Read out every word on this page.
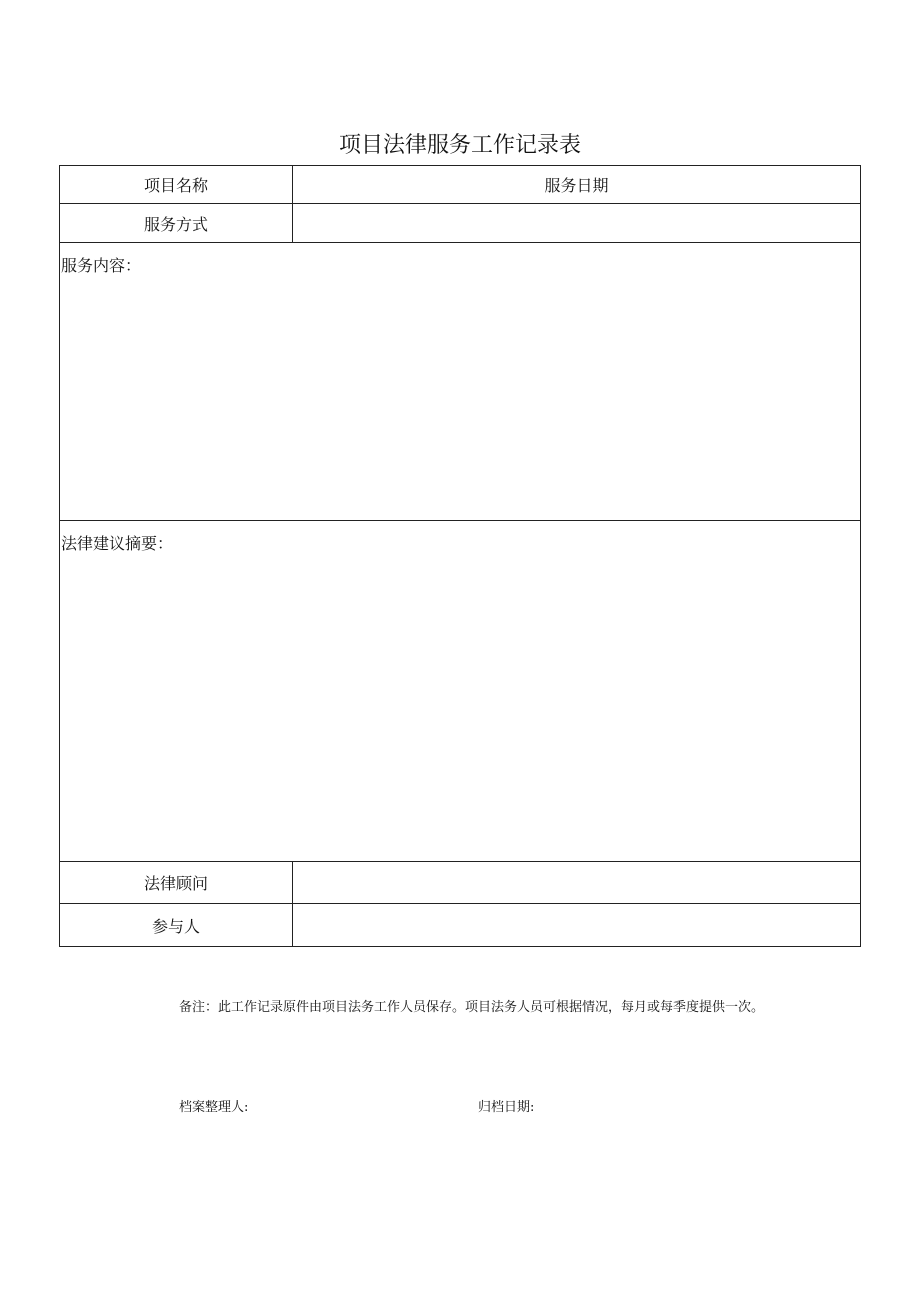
项目法律服务工作记录表
项目名称	服务日期
服务方式	
服务内容：	
法律建议摘要：	
法律顾问	
参与人	
备注：此工作记录原件由项目法务工作人员保存。项目法务人员可根据情况，每月或每季度提供一次。
档案整理人:	归档日期:
